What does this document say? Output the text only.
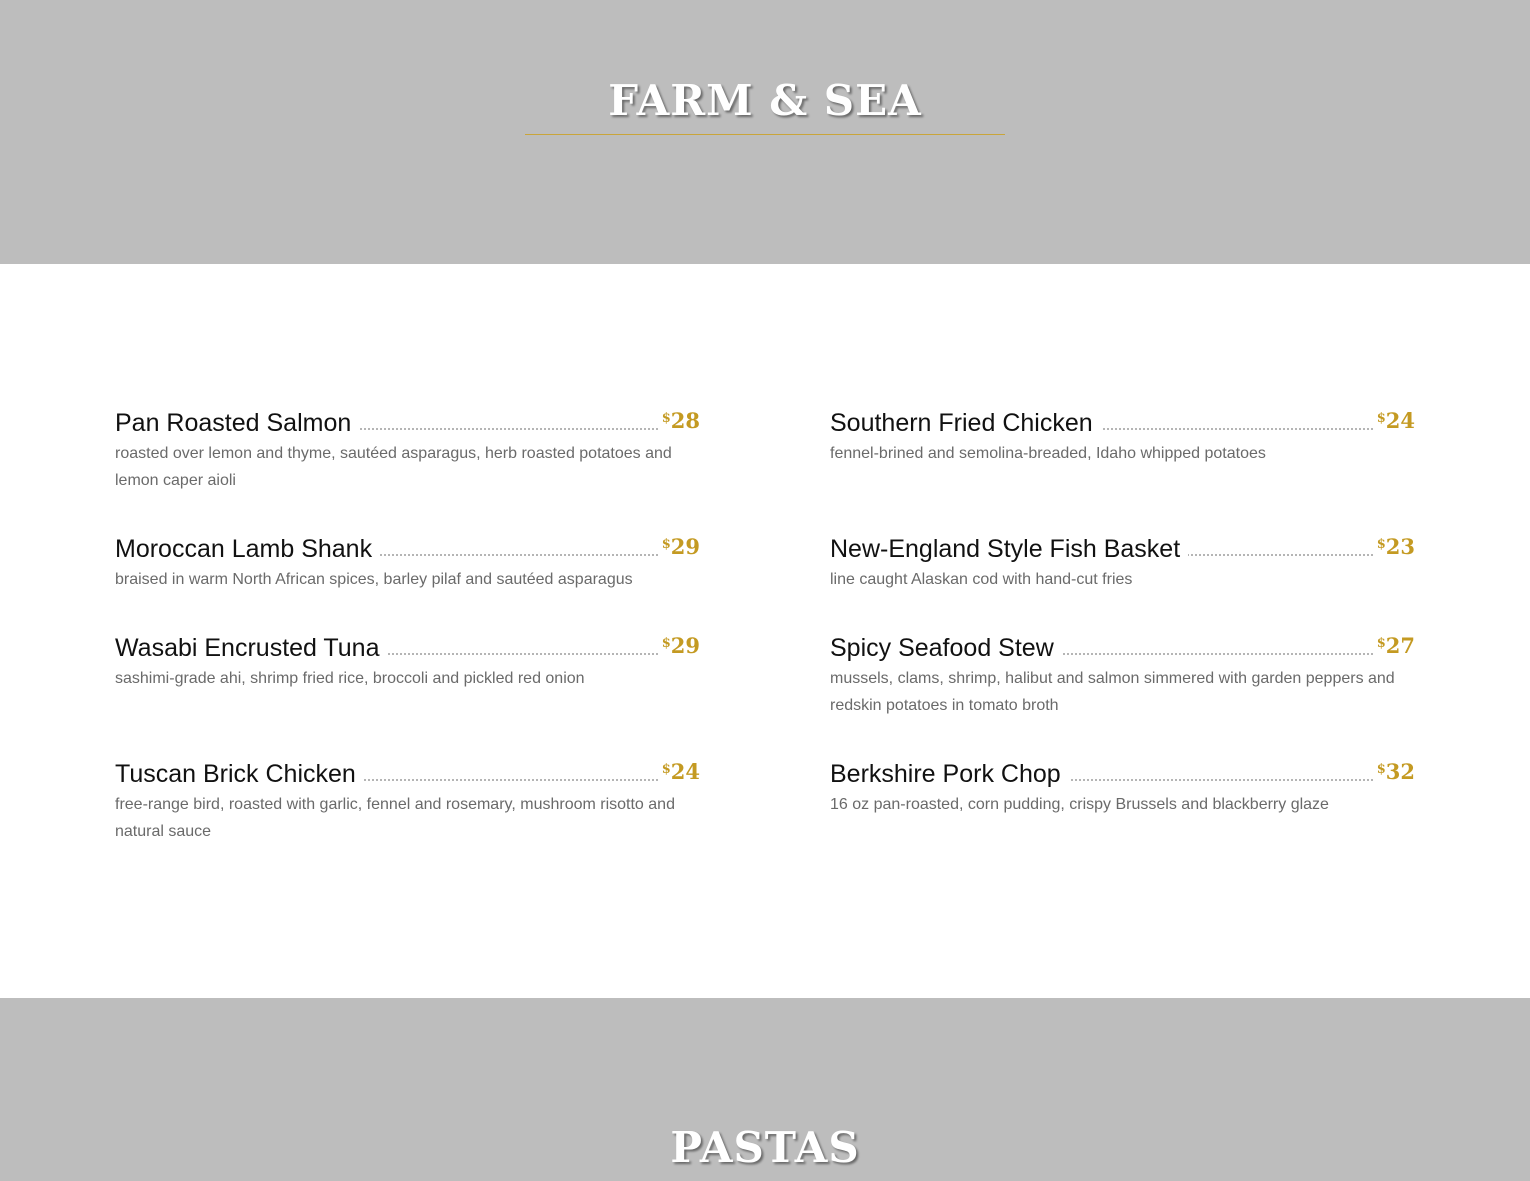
FARM & SEA
Pan Roasted Salmon	$28
roasted over lemon and thyme, sautéed asparagus, herb roasted potatoes and lemon caper aioli
Moroccan Lamb Shank	$29
braised in warm North African spices, barley pilaf and sautéed asparagus
Wasabi Encrusted Tuna	$29
sashimi-grade ahi, shrimp fried rice, broccoli and pickled red onion
Tuscan Brick Chicken	$24
free-range bird, roasted with garlic, fennel and rosemary, mushroom risotto and natural sauce
Southern Fried Chicken	$24
fennel-brined and semolina-breaded, Idaho whipped potatoes
New-England Style Fish Basket	$23
line caught Alaskan cod with hand-cut fries
Spicy Seafood Stew	$27
mussels, clams, shrimp, halibut and salmon simmered with garden peppers and redskin potatoes in tomato broth
Berkshire Pork Chop	$32
16 oz pan-roasted, corn pudding, crispy Brussels and blackberry glaze
PASTAS
